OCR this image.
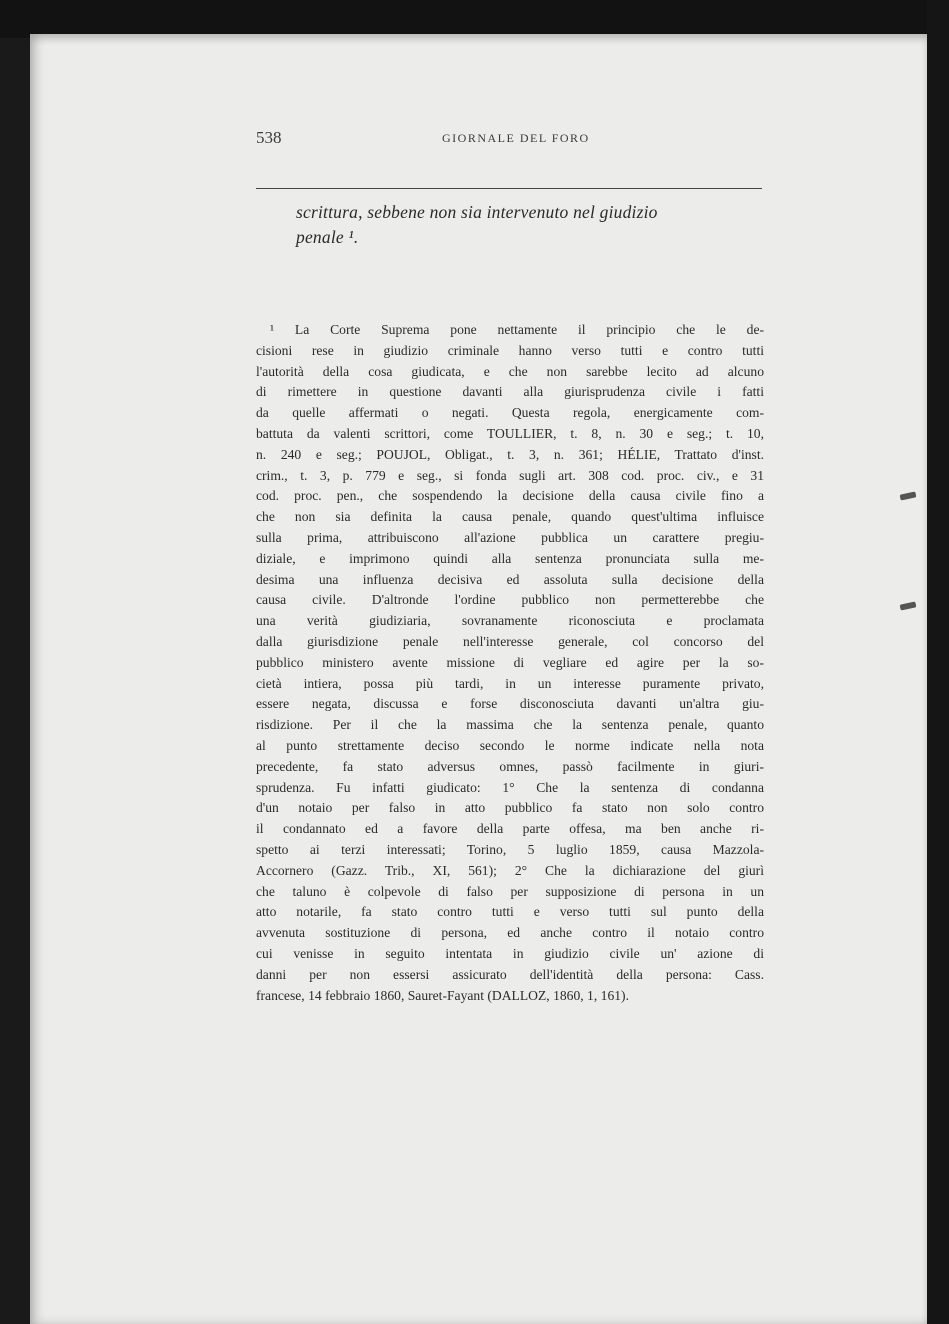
538	GIORNALE DEL FORO

scrittura, sebbene non sia intervenuto nel giudizio
penale ¹.

¹ La Corte Suprema pone nettamente il principio che le de-
cisioni rese in giudizio criminale hanno verso tutti e contro tutti
l'autorità della cosa giudicata, e che non sarebbe lecito ad alcuno
di rimettere in questione davanti alla giurisprudenza civile i fatti
da quelle affermati o negati. Questa regola, energicamente com-
battuta da valenti scrittori, come TOULLIER, t. 8, n. 30 e seg.; t. 10,
n. 240 e seg.; POUJOL, Obligat., t. 3, n. 361; HÉLIE, Trattato d'inst.
crim., t. 3, p. 779 e seg., si fonda sugli art. 308 cod. proc. civ., e 31
cod. proc. pen., che sospendendo la decisione della causa civile fino a
che non sia definita la causa penale, quando quest'ultima influisce
sulla prima, attribuiscono all'azione pubblica un carattere pregiu-
diziale, e imprimono quindi alla sentenza pronunciata sulla me-
desima una influenza decisiva ed assoluta sulla decisione della
causa civile. D'altronde l'ordine pubblico non permetterebbe che
una verità giudiziaria, sovranamente riconosciuta e proclamata
dalla giurisdizione penale nell'interesse generale, col concorso del
pubblico ministero avente missione di vegliare ed agire per la so-
cietà intiera, possa più tardi, in un interesse puramente privato,
essere negata, discussa e forse disconosciuta davanti un'altra giu-
risdizione. Per il che la massima che la sentenza penale, quanto
al punto strettamente deciso secondo le norme indicate nella nota
precedente, fa stato adversus omnes, passò facilmente in giuri-
sprudenza. Fu infatti giudicato: 1° Che la sentenza di condanna
d'un notaio per falso in atto pubblico fa stato non solo contro
il condannato ed a favore della parte offesa, ma ben anche ri-
spetto ai terzi interessati; Torino, 5 luglio 1859, causa Mazzola-
Accornero (Gazz. Trib., XI, 561); 2° Che la dichiarazione del giurì
che taluno è colpevole di falso per supposizione di persona in un
atto notarile, fa stato contro tutti e verso tutti sul punto della
avvenuta sostituzione di persona, ed anche contro il notaio contro
cui venisse in seguito intentata in giudizio civile un' azione di
danni per non essersi assicurato dell'identità della persona: Cass.
francese, 14 febbraio 1860, Sauret-Fayant (DALLOZ, 1860, 1, 161).
